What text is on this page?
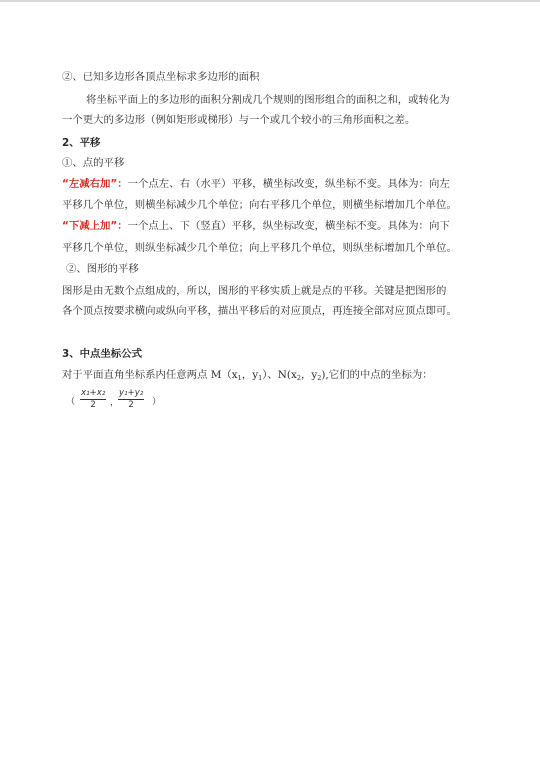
②、已知多边形各顶点坐标求多边形的面积
将坐标平面上的多边形的面积分割成几个规则的图形组合的面积之和，或转化为
一个更大的多边形（例如矩形或梯形）与一个或几个较小的三角形面积之差。
2、平移
①、点的平移
“左减右加”：一个点左、右（水平）平移，横坐标改变，纵坐标不变。具体为：向左
平移几个单位，则横坐标减少几个单位；向右平移几个单位，则横坐标增加几个单位。
“下减上加”：一个点上、下（竖直）平移，纵坐标改变，横坐标不变。具体为：向下
平移几个单位，则纵坐标减少几个单位；向上平移几个单位，则纵坐标增加几个单位。
②、图形的平移
图形是由无数个点组成的，所以，图形的平移实质上就是点的平移。关键是把图形的
各个顶点按要求横向或纵向平移，描出平移后的对应顶点，再连接全部对应顶点即可。
3、中点坐标公式
对于平面直角坐标系内任意两点 $M(x_1$，$y_1$）、$N(x_2$，$y_2$),它们的中点的坐标为：
（ $\frac{\text{x₁+x₂}}{2}$ ，
$\frac{\text{y₁+y₂}}{2}$ ）
